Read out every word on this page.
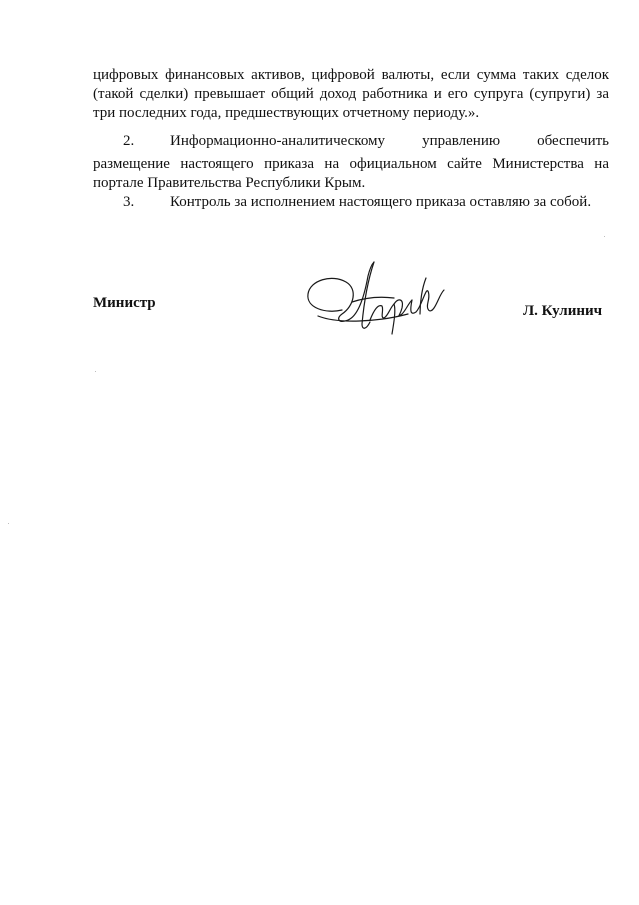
цифровых финансовых активов, цифровой валюты, если сумма таких сделок
(такой сделки) превышает общий доход работника и его супруга (супруги) за
три последних года, предшествующих отчетному периоду.».
2. Информационно-аналитическому управлению обеспечить
размещение настоящего приказа на официальном сайте Министерства на
портале Правительства Республики Крым.
3. Контроль за исполнением настоящего приказа оставляю за собой.
Министр	Л. Кулинич
